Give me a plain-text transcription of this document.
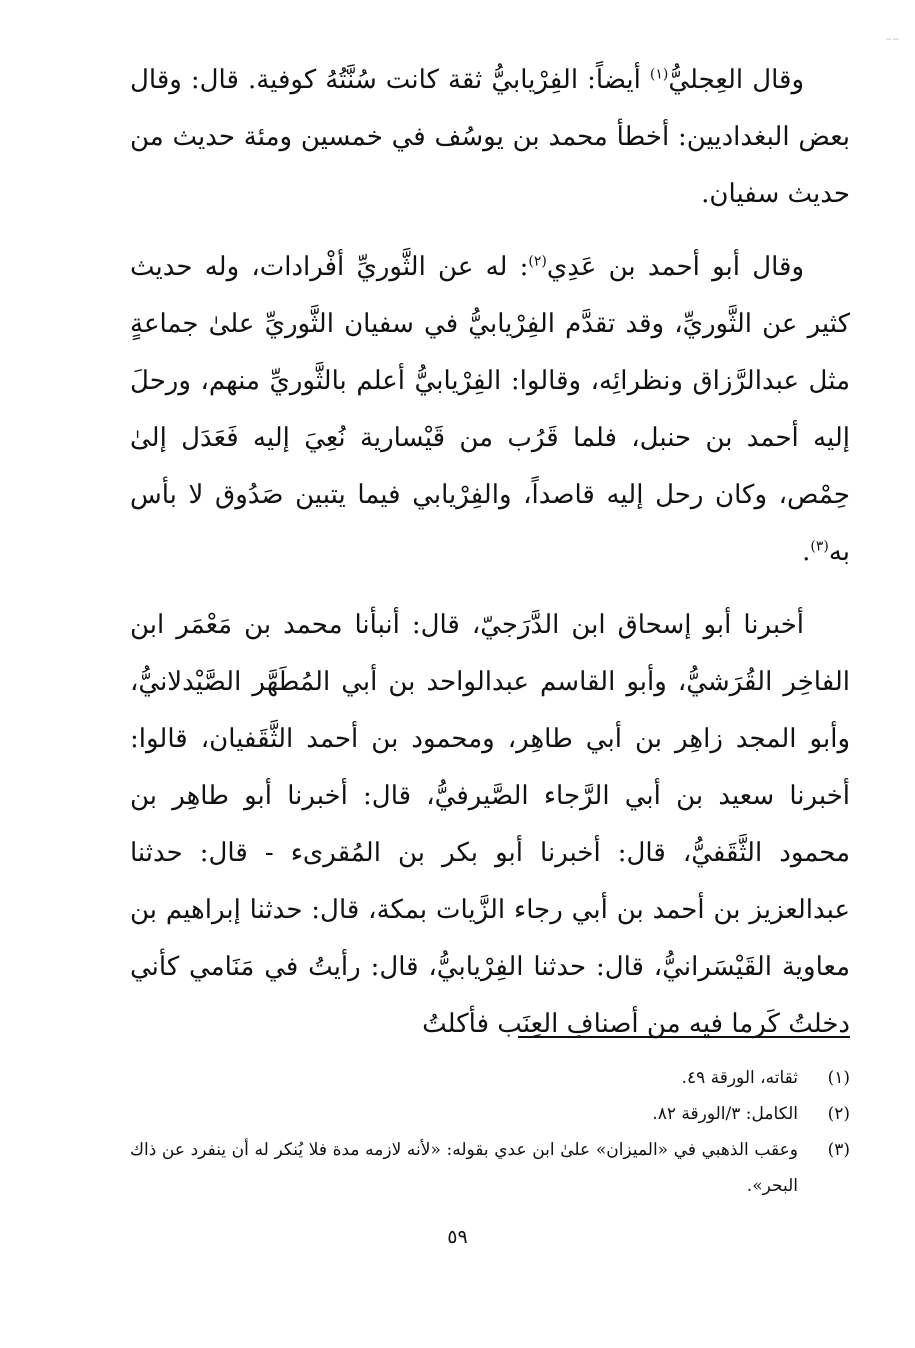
-- --

وقال العِجليُّ$^{(١)}$ أيضاً: الفِرْيابيُّ ثقة كانت سُنَّتُهُ كوفية. قال: وقال بعض البغداديين: أخطأ محمد بن يوسُف في خمسين ومئة حديث من حديث سفيان.

وقال أبو أحمد بن عَدِي$^{(٢)}$: له عن الثَّوريِّ أفْرادات، وله حديث كثير عن الثَّوريِّ، وقد تقدَّم الفِرْيابيُّ في سفيان الثَّوريِّ علىٰ جماعةٍ مثل عبدالرَّزاق ونظرائِه، وقالوا: الفِرْيابيُّ أعلم بالثَّوريِّ منهم، ورحلَ إليه أحمد بن حنبل، فلما قَرُب من قَيْسارية نُعِيَ إليه فَعَدَل إلىٰ حِمْص، وكان رحل إليه قاصداً، والفِرْيابي فيما يتبين صَدُوق لا بأس به$^{(٣)}$.

أخبرنا أبو إسحاق ابن الدَّرَجيّ، قال: أنبأنا محمد بن مَعْمَر ابن الفاخِر القُرَشيُّ، وأبو القاسم عبدالواحد بن أبي المُطَهَّر الصَّيْدلانيُّ، وأبو المجد زاهِر بن أبي طاهِر، ومحمود بن أحمد الثَّقَفيان، قالوا: أخبرنا سعيد بن أبي الرَّجاء الصَّيرفيُّ، قال: أخبرنا أبو طاهِر بن محمود الثَّقَفيُّ، قال: أخبرنا أبو بكر بن المُقرىء - قال: حدثنا عبدالعزيز بن أحمد بن أبي رجاء الزَّيات بمكة، قال: حدثنا إبراهيم بن معاوية القَيْسَرانيُّ، قال: حدثنا الفِرْيابيُّ، قال: رأيتُ في مَنَامي كأني دخلتُ كَرما فيه من أصنافِ العِنَب فأكلتُ

(١)
ثقاته، الورقة ٤٩.
(٢)
الكامل: ٣/الورقة ٨٢.
(٣)
وعقب الذهبي في «الميزان» علىٰ ابن عدي بقوله: «لأنه لازمه مدة فلا يُنكر له أن ينفرد عن ذاك البحر».
٥٩
